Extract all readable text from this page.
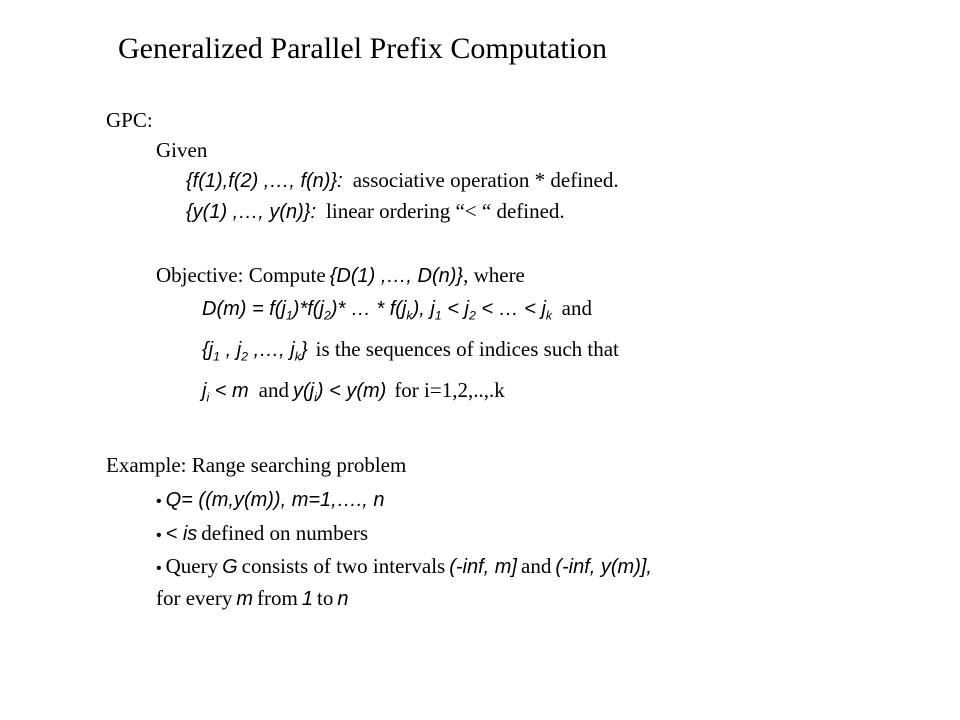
Generalized Parallel Prefix Computation
GPC:
Given
{f(1),f(2) ,…, f(n)}: associative operation * defined.
{y(1) ,…, y(n)}: linear ordering “< “ defined.
Objective: Compute {D(1) ,…, D(n)}, where
$D(m) = f(j_1)*f(j_2)*$ … * $f(j_k)$, $j_1 < j_2$ < … < $j_k$ and
{$j_1$ , $j_2$ ,…, $j_k$} is the sequences of indices such that
$j_i < m$ and $y(j_i) < y(m)$ for i=1,2,..,.k
Example: Range searching problem
• Q= ((m,y(m)), m=1,…., n
• < is defined on numbers
• Query G consists of two intervals (-inf, m] and (-inf, y(m)],
for every m from 1 to n
